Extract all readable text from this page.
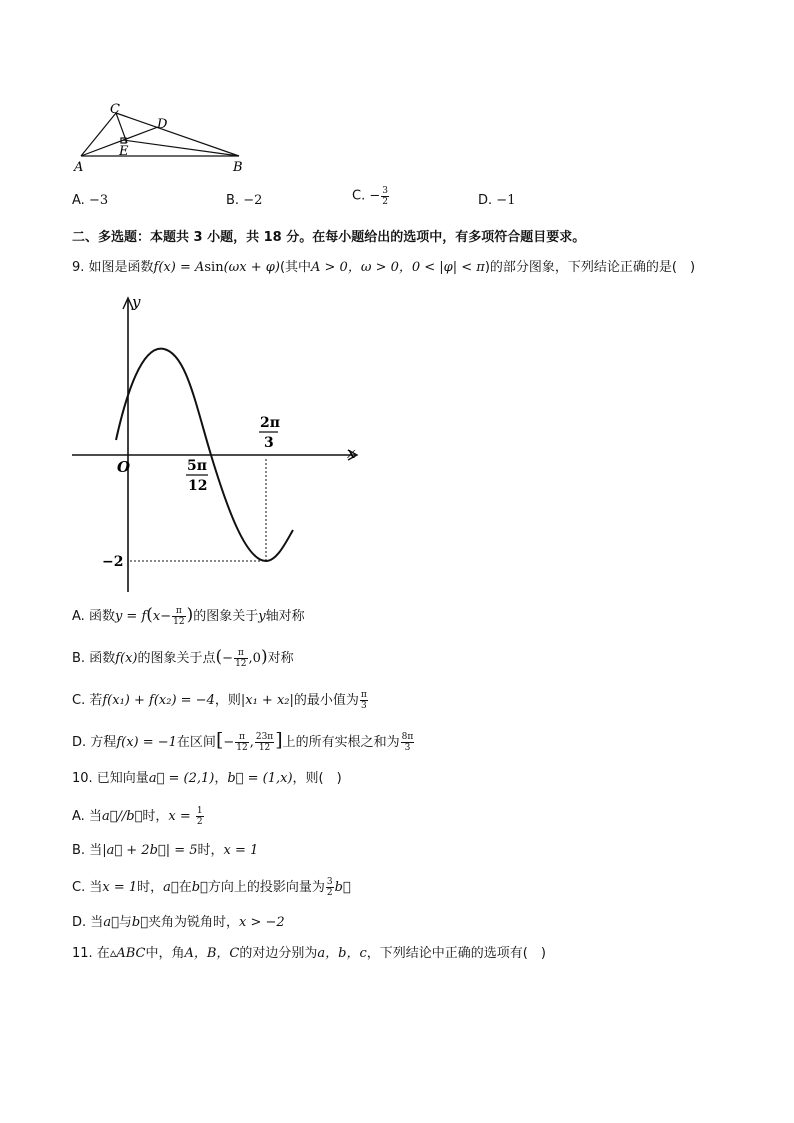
C
D
E
A	B
A. −3	B. −2	C. − $\frac{3}{2}$	D. −1
二、多选题：本题共 3 小题，共 18 分。在每小题给出的选项中，有多项符合题目要求。
9. 如图是函数f(x) = Asin(ωx + φ)(其中A > 0，ω > 0，0 < |φ| < π)的部分图象，下列结论正确的是(　)
y
x
O	5π
12
2π
3
−2
A. 函数$y = f(x- \frac{\pi}{12}$ )的图象关于y轴对称
B. 函数f(x)的图象关于点(− $\frac{\pi}{12} ,0$)对称
C. 若f(x₁) + f(x₂) = −4，则|x₁ + x₂|的最小值为 $\frac{\pi}{3}$
D. 方程f(x) = −1在区间[− $\frac{\pi}{12}$ , $\frac{23\pi}{12}$ ]上的所有实根之和为 $\frac{8\pi}{3}$
10. 已知向量a⃗ = (2,1)，b⃗ = (1,x)，则(　)
A. 当a⃗//b⃗时，$x = \frac{1}{2}$
B. 当|a⃗ + 2b⃗| = 5时，x = 1
C. 当x = 1时，a⃗在b⃗方向上的投影向量为 $\frac{3}{2}$ b⃗
D. 当a⃗与b⃗夹角为锐角时，x > −2
11. 在▵ABC中，角A，B，C的对边分别为a，b，c，下列结论中正确的选项有(　)
